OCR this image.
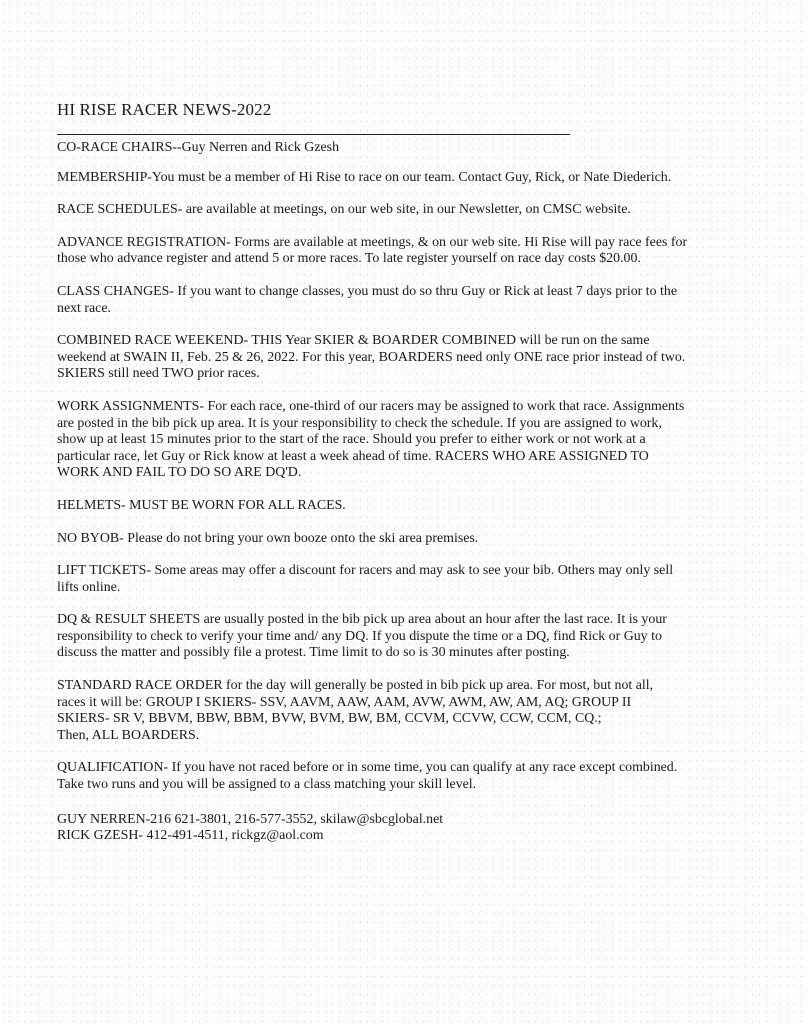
HI RISE RACER NEWS-2022

CO-RACE CHAIRS--Guy Nerren and Rick Gzesh

MEMBERSHIP-You must be a member of Hi Rise to race on our team. Contact Guy, Rick, or Nate Diederich.

RACE SCHEDULES- are available at meetings, on our web site, in our Newsletter, on CMSC website.

ADVANCE REGISTRATION- Forms are available at meetings, & on our web site. Hi Rise will pay race fees for
those who advance register and attend 5 or more races. To late register yourself on race day costs $20.00.

CLASS CHANGES- If you want to change classes, you must do so thru Guy or Rick at least 7 days prior to the
next race.

COMBINED RACE WEEKEND- THIS Year SKIER & BOARDER COMBINED will be run on the same
weekend at SWAIN II, Feb. 25 & 26, 2022. For this year, BOARDERS need only ONE race prior instead of two.
SKIERS still need TWO prior races.

WORK ASSIGNMENTS- For each race, one-third of our racers may be assigned to work that race. Assignments
are posted in the bib pick up area. It is your responsibility to check the schedule. If you are assigned to work,
show up at least 15 minutes prior to the start of the race. Should you prefer to either work or not work at a
particular race, let Guy or Rick know at least a week ahead of time. RACERS WHO ARE ASSIGNED TO
WORK AND FAIL TO DO SO ARE DQ'D.

HELMETS- MUST BE WORN FOR ALL RACES.

NO BYOB- Please do not bring your own booze onto the ski area premises.

LIFT TICKETS- Some areas may offer a discount for racers and may ask to see your bib. Others may only sell
lifts online.

DQ & RESULT SHEETS are usually posted in the bib pick up area about an hour after the last race. It is your
responsibility to check to verify your time and/ any DQ. If you dispute the time or a DQ, find Rick or Guy to
discuss the matter and possibly file a protest. Time limit to do so is 30 minutes after posting.

STANDARD RACE ORDER for the day will generally be posted in bib pick up area. For most, but not all,
races it will be: GROUP I SKIERS- SSV, AAVM, AAW, AAM, AVW, AWM, AW, AM, AQ; GROUP II
SKIERS- SR V, BBVM, BBW, BBM, BVW, BVM, BW, BM, CCVM, CCVW, CCW, CCM, CQ.;
Then, ALL BOARDERS.

QUALIFICATION- If you have not raced before or in some time, you can qualify at any race except combined.
Take two runs and you will be assigned to a class matching your skill level.

GUY NERREN-216 621-3801, 216-577-3552, skilaw@sbcglobal.net
RICK GZESH- 412-491-4511, rickgz@aol.com
